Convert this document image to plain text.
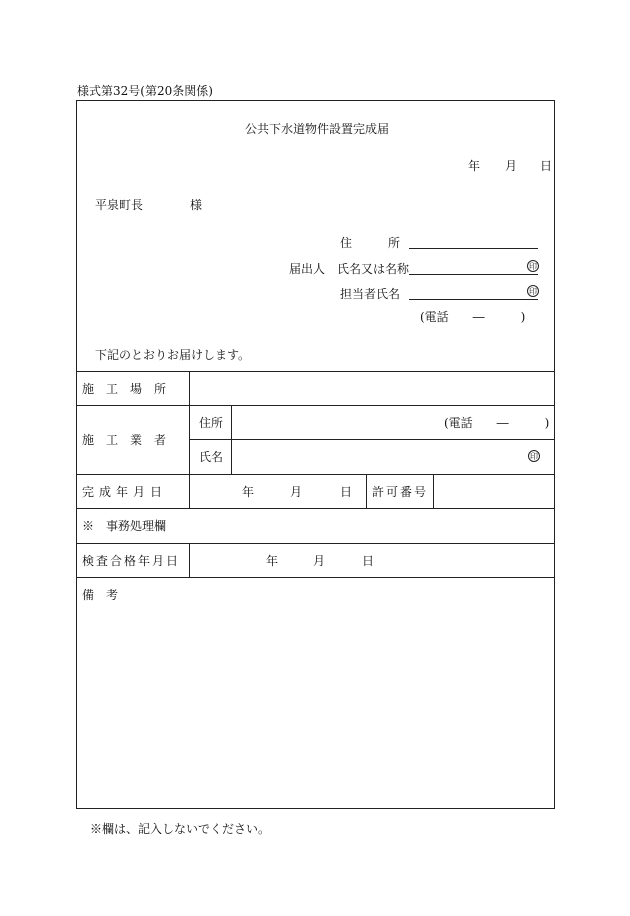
様式第32号(第20条関係)
公共下水道物件設置完成届
年 月 日
平泉町長	様
住　　　所
届出人 氏名又は名称	印
担当者氏名	印
(電話　　―　　　)
下記のとおりお届けします。
施　工　場　所
施　工　業　者
住所	(電話　　―　　　)
氏名	印
完成年月日	年	月	日 許可番号
※　事務処理欄
検査合格年月日	年	月	日
備　考
※欄は、記入しないでください。
